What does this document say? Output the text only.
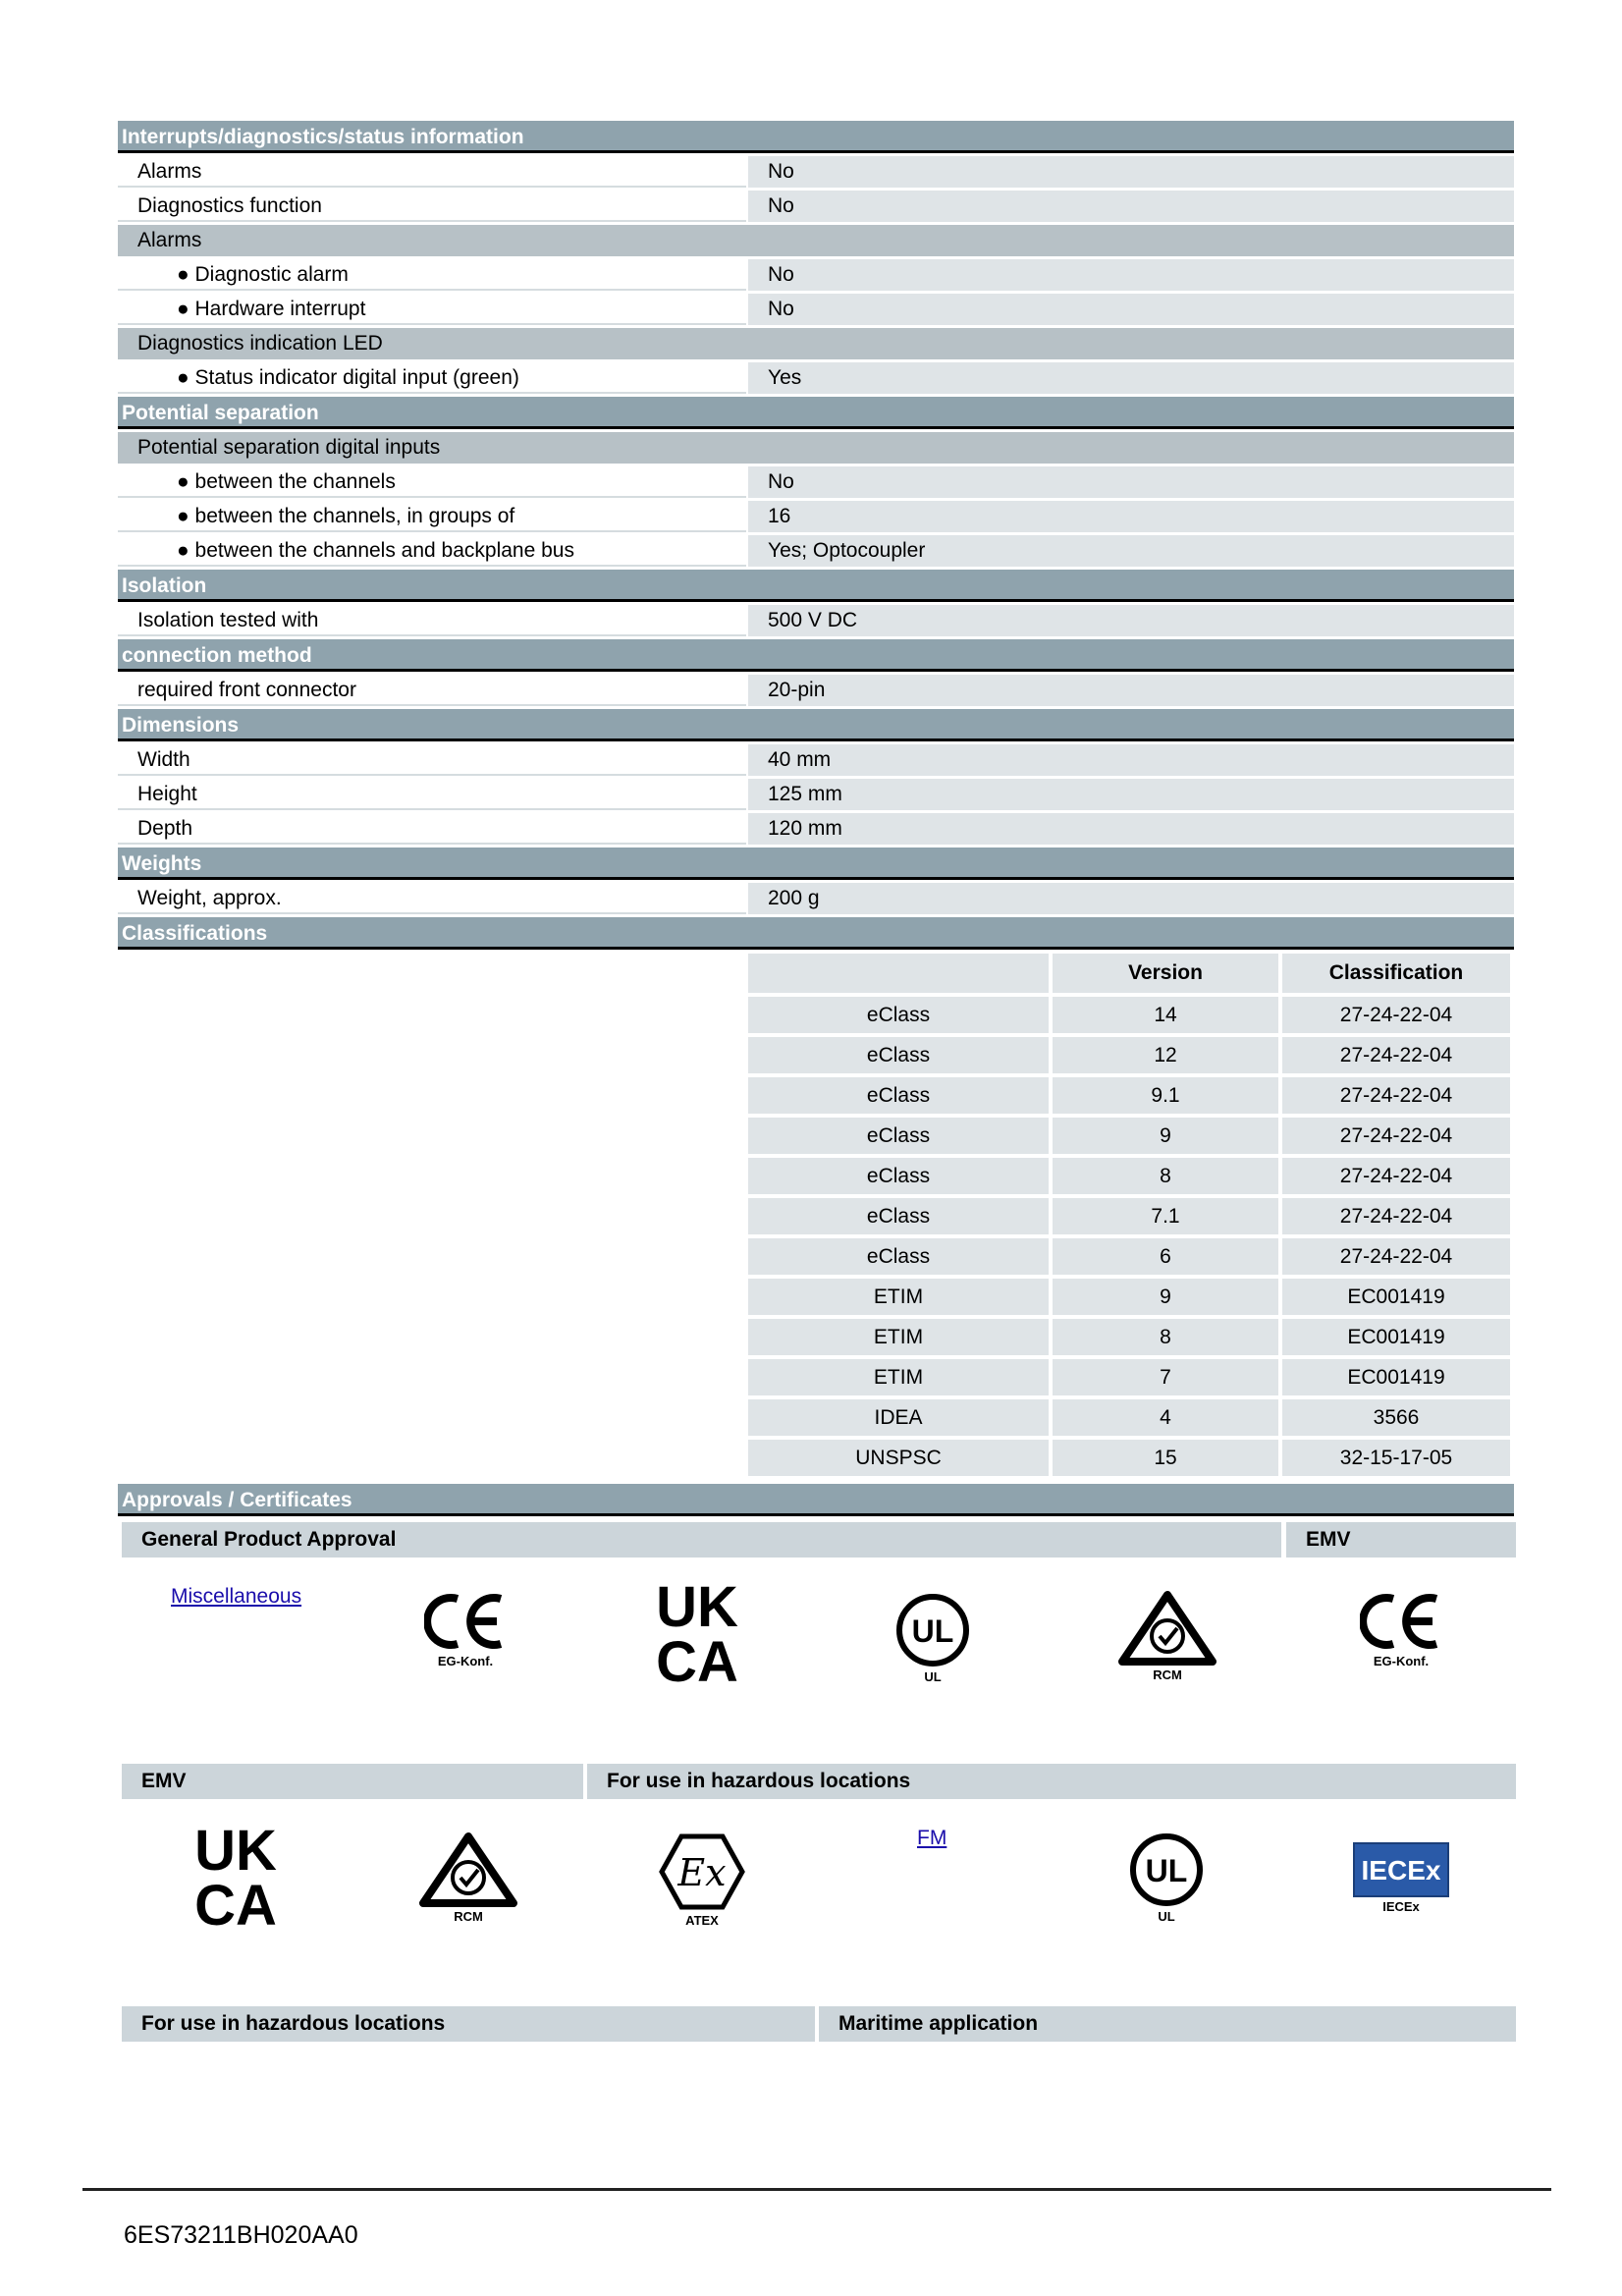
Interrupts/diagnostics/status information
Alarms	No
Diagnostics function	No
Alarms
● Diagnostic alarm	No
● Hardware interrupt	No
Diagnostics indication LED
● Status indicator digital input (green)	Yes
Potential separation
Potential separation digital inputs
● between the channels	No
● between the channels, in groups of	16
● between the channels and backplane bus	Yes; Optocoupler
Isolation
Isolation tested with	500 V DC
connection method
required front connector	20-pin
Dimensions
Width	40 mm
Height	125 mm
Depth	120 mm
Weights
Weight, approx.	200 g
Classifications
	Version	Classification
eClass	14	27-24-22-04
eClass	12	27-24-22-04
eClass	9.1	27-24-22-04
eClass	9	27-24-22-04
eClass	8	27-24-22-04
eClass	7.1	27-24-22-04
eClass	6	27-24-22-04
ETIM	9	EC001419
ETIM	8	EC001419
ETIM	7	EC001419
IDEA	4	3566
UNSPSC	15	32-15-17-05
Approvals / Certificates
General Product Approval	EMV
Miscellaneous
EG-Konf.
UK
CA	UL
UL	RCM
EG-Konf.
EMV	For use in hazardous locations
UK
CA	RCM
Ex
ATEX
FM
UL
UL
IECEx
IECEx
For use in hazardous locations	Maritime application
6ES73211BH020AA0
